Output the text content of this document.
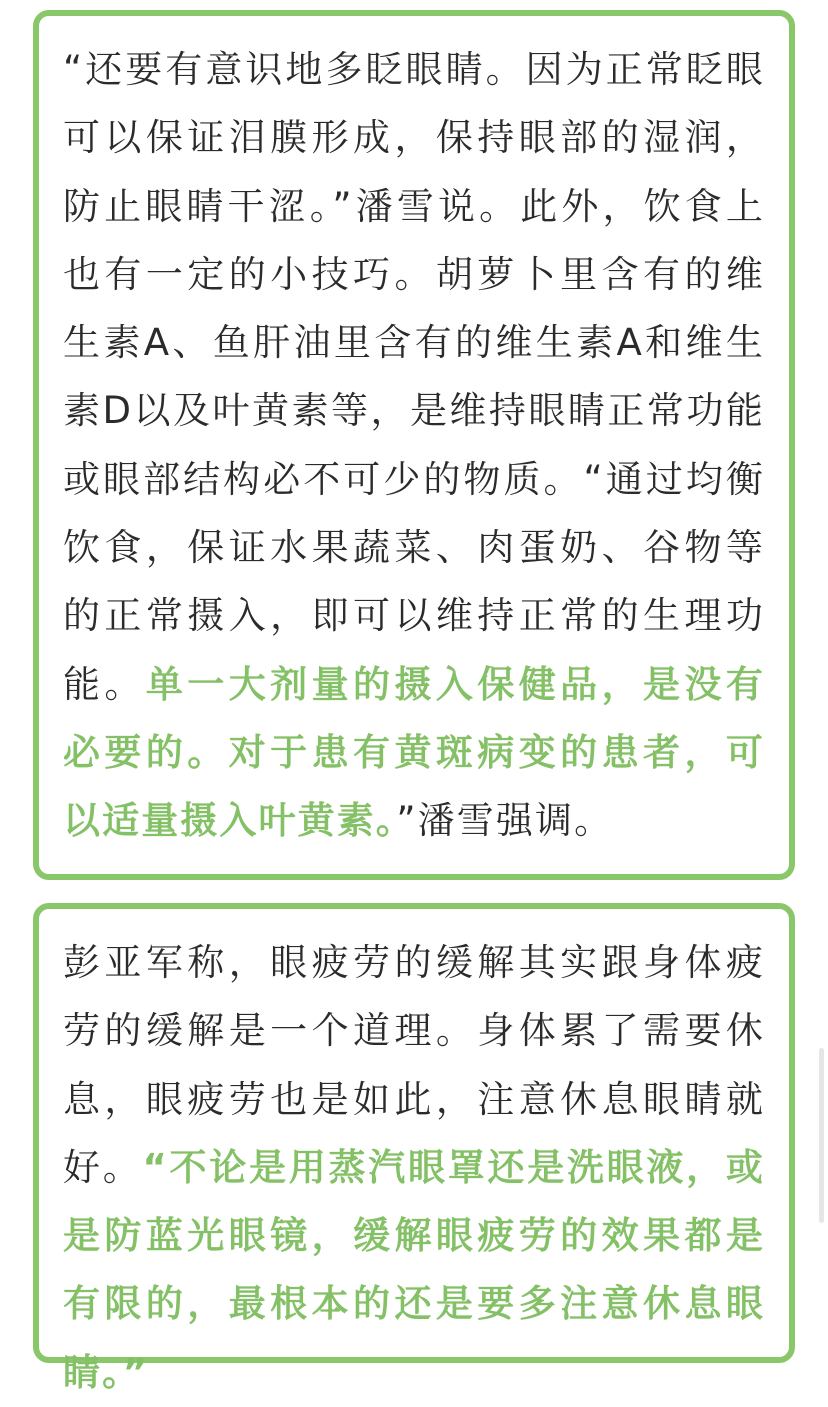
“还要有意识地多眨眼睛。因为正常眨眼可以保证泪膜形成，保持眼部的湿润，防止眼睛干涩。”潘雪说。此外，饮食上也有一定的小技巧。胡萝卜里含有的维生素A、鱼肝油里含有的维生素A和维生素D以及叶黄素等，是维持眼睛正常功能或眼部结构必不可少的物质。“通过均衡饮食，保证水果蔬菜、肉蛋奶、谷物等的正常摄入，即可以维持正常的生理功能。单一大剂量的摄入保健品，是没有必要的。对于患有黄斑病变的患者，可以适量摄入叶黄素。”潘雪强调。

彭亚军称，眼疲劳的缓解其实跟身体疲劳的缓解是一个道理。身体累了需要休息，眼疲劳也是如此，注意休息眼睛就好。“不论是用蒸汽眼罩还是洗眼液，或是防蓝光眼镜，缓解眼疲劳的效果都是有限的，最根本的还是要多注意休息眼睛。”
